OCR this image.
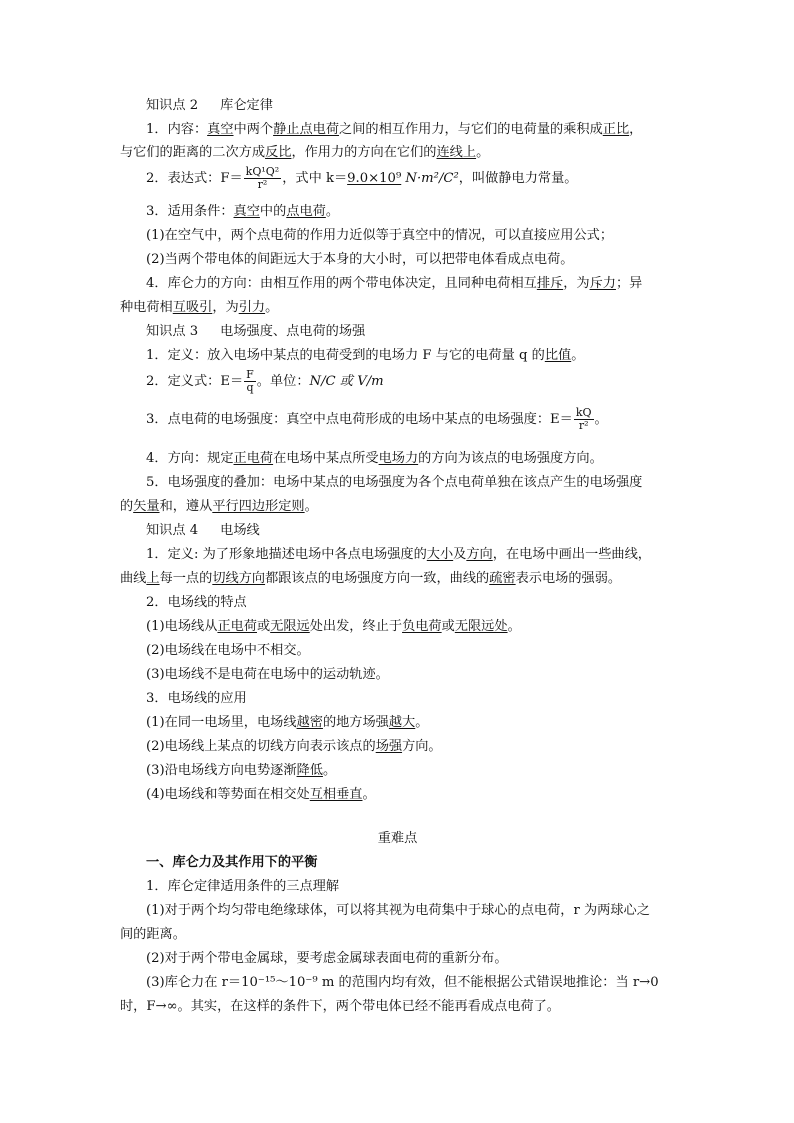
知识点 2 库仑定律
1．内容：真空中两个静止点电荷之间的相互作用力，与它们的电荷量的乘积成正比，
与它们的距离的二次方成反比，作用力的方向在它们的连线上。
2．表达式：$F= \frac{\text{kQ¹Q²}}{\text{r²}}$ ，式中 k＝9.0×10⁹ N·m²/C²，叫做静电力常量。
3．适用条件：真空中的点电荷。
(1)在空气中，两个点电荷的作用力近似等于真空中的情况，可以直接应用公式；
(2)当两个带电体的间距远大于本身的大小时，可以把带电体看成点电荷。
4．库仑力的方向：由相互作用的两个带电体决定，且同种电荷相互排斥，为斥力；异
种电荷相互吸引，为引力。
知识点 3 电场强度、点电荷的场强
1．定义：放入电场中某点的电荷受到的电场力 F 与它的电荷量 q 的比值。
2．定义式：$E= \frac{F}{q}$ 。单位：N/C 或 V/m
3．点电荷的电场强度：真空中点电荷形成的电场中某点的电场强度：$E= \frac{kQ}{\text{r²}}$ 。
4．方向：规定正电荷在电场中某点所受电场力的方向为该点的电场强度方向。
5．电场强度的叠加：电场中某点的电场强度为各个点电荷单独在该点产生的电场强度
的矢量和，遵从平行四边形定则。
知识点 4 电场线
1．定义: 为了形象地描述电场中各点电场强度的大小及方向，在电场中画出一些曲线，
曲线上每一点的切线方向都跟该点的电场强度方向一致，曲线的疏密表示电场的强弱。
2．电场线的特点
(1)电场线从正电荷或无限远处出发，终止于负电荷或无限远处。
(2)电场线在电场中不相交。
(3)电场线不是电荷在电场中的运动轨迹。
3．电场线的应用
(1)在同一电场里，电场线越密的地方场强越大。
(2)电场线上某点的切线方向表示该点的场强方向。
(3)沿电场线方向电势逐渐降低。
(4)电场线和等势面在相交处互相垂直。
重难点
一、库仑力及其作用下的平衡
1．库仑定律适用条件的三点理解
(1)对于两个均匀带电绝缘球体，可以将其视为电荷集中于球心的点电荷，r 为两球心之
间的距离。
(2)对于两个带电金属球，要考虑金属球表面电荷的重新分布。
(3)库仑力在 r＝10⁻¹⁵～10⁻⁹ m 的范围内均有效，但不能根据公式错误地推论：当 r→0
时，F→∞。其实，在这样的条件下，两个带电体已经不能再看成点电荷了。
